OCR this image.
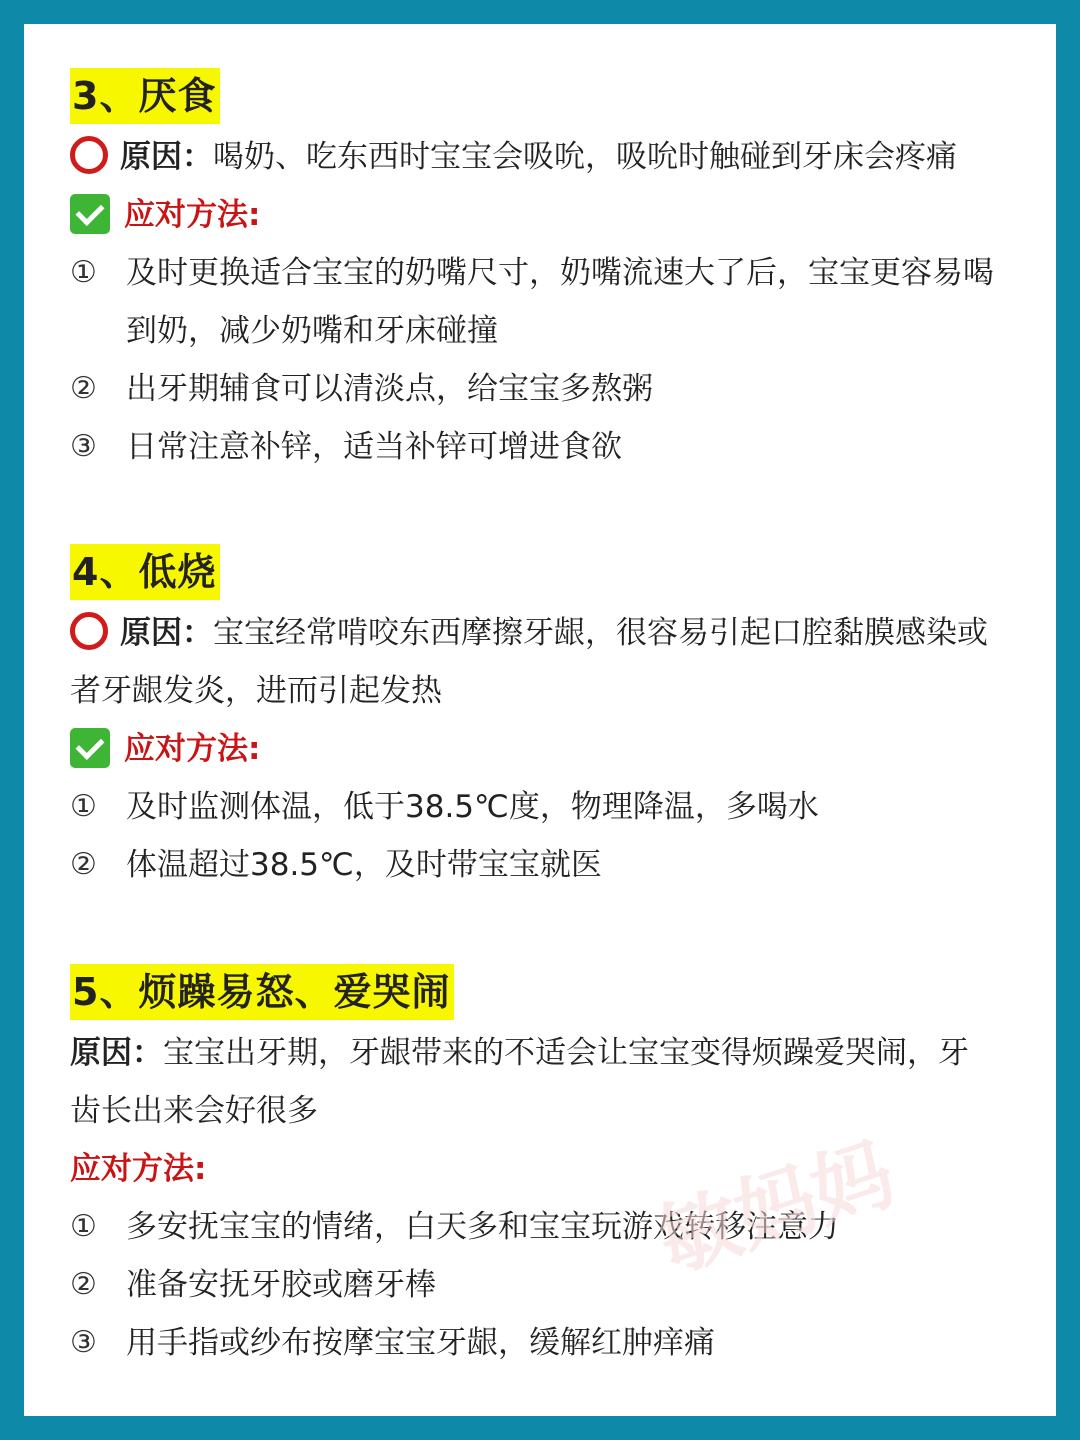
3、厌食
原因：喝奶、吃东西时宝宝会吸吮，吸吮时触碰到牙床会疼痛
应对方法:
① 及时更换适合宝宝的奶嘴尺寸，奶嘴流速大了后，宝宝更容易喝
到奶，减少奶嘴和牙床碰撞
② 出牙期辅食可以清淡点，给宝宝多熬粥
③ 日常注意补锌，适当补锌可增进食欲
4、低烧
原因：宝宝经常啃咬东西摩擦牙龈，很容易引起口腔黏膜感染或
者牙龈发炎，进而引起发热
应对方法:
① 及时监测体温，低于38.5℃度，物理降温，多喝水
② 体温超过38.5℃，及时带宝宝就医
5、烦躁易怒、爱哭闹
原因：宝宝出牙期，牙龈带来的不适会让宝宝变得烦躁爱哭闹，牙
齿长出来会好很多
应对方法:
① 多安抚宝宝的情绪，白天多和宝宝玩游戏转移注意力
② 准备安抚牙胶或磨牙棒
③ 用手指或纱布按摩宝宝牙龈，缓解红肿痒痛
敏妈妈
